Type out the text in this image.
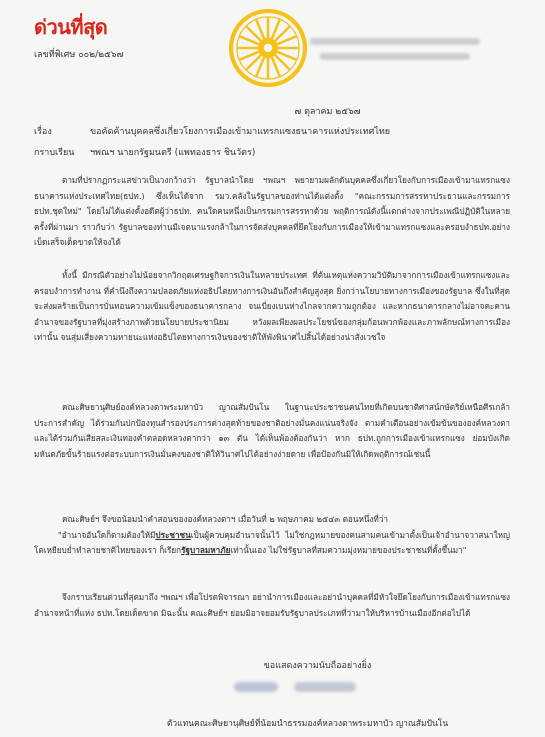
ด่วนที่สุด
เลขที่พิเศษ ๐๐๒/๒๕๖๗
๗ ตุลาคม ๒๕๖๗
เรื่อง	ขอคัดค้านบุคคลซึ่งเกี่ยวโยงการเมืองเข้ามาแทรกแซงธนาคารแห่งประเทศไทย
กราบเรียน ฯพณฯ นายกรัฐมนตรี (แพทองธาร ชินวัตร)
ตามที่ปรากฏกระแสข่าวเป็นวงกว้างว่า รัฐบาลนำโดย ฯพณฯ พยายามผลักดันบุคคลซึ่งเกี่ยวโยงกับการเมืองเข้ามาแทรกแซงธนาคารแห่งประเทศไทย(ธปท.) ซึ่งเห็นได้จาก รมว.คลังในรัฐบาลของท่านได้แต่งตั้ง "คณะกรรมการสรรหาประธานและกรรมการธปท.ชุดใหม่" โดยไม่ได้แต่งตั้งอดีตผู้ว่าธปท. คนใดคนหนึ่งเป็นกรรมการสรรหาด้วย พฤติการณ์ดังนี้แตกต่างจากประเพณีปฏิบัติในหลายครั้งที่ผ่านมา ราวกับว่า รัฐบาลของท่านมีเจตนาแรงกล้าในการจัดส่งบุคคลที่ยึดโยงกับการเมืองให้เข้ามาแทรกแซงและครอบงำธปท.อย่างเบ็ดเสร็จเด็ดขาดให้จงได้
ทั้งนี้ มีกรณีตัวอย่างไม่น้อยจากวิกฤตเศรษฐกิจการเงินในหลายประเทศ ที่ต้นเหตุแห่งความวิบัติมาจากการเมืองเข้าแทรกแซงและครอบงำการทำงาน ที่คำนึงถึงความปลอดภัยแห่งอธิปไตยทางการเงินอันถึงสำคัญสูงสุด ยิ่งกว่านโยบายทางการเมืองของรัฐบาล ซึ่งในที่สุดจะส่งผลร้ายเป็นการบั่นทอนความเข้มแข็งของธนาคารกลาง จนเบี่ยงเบนห่างไกลจากความถูกต้อง และหากธนาคารกลางไม่อาจคะคานอำนาจของรัฐบาลที่มุ่งสร้างภาพด้วยนโยบายประชานิยม หวังผลเพียงผลประโยชน์ของกลุ่มก้อนพวกพ้องและภาพลักษณ์ทางการเมืองเท่านั้น จนสุ่มเสี่ยงความหายนะแห่งอธิปไตยทางการเงินของชาติให้พังพินาศไปสิ้นได้อย่างน่าสังเวชใจ
คณะศิษยานุศิษย์องค์หลวงตาพระมหาบัว ญาณสัมปันโน ในฐานะประชาชนคนไทยที่เกิดบนชาติศาสน์กษัตริย์เหนือศีรเกล้า ประการสำคัญ ได้ร่วมกันปกป้องทุนสำรองประการต่างสุดท้ายของชาติอย่างมั่นคงแน่นจริงจัง ตามคำเตือนอย่างเข้มข้นขององค์หลวงตา และได้ร่วมกันเสียสละเงินทองคำตลอดหลวงตากว่า ๑๓ ตัน ได้เห็นพ้องต้องกันว่า หาก ธปท.ถูกการเมืองเข้าแทรกแซง ย่อมบังเกิดมหันตภัยขั้นร้ายแรงต่อระบบการเงินมั่นคงของชาติให้วินาศไปได้อย่างง่ายดาย เพื่อป้องกันมิให้เกิดพฤติการณ์เช่นนี้
คณะศิษย์ฯ จึงขอน้อมนำคำสอนขององค์หลวงตาฯ เมื่อวันที่ ๒ พฤษภาคม ๒๕๔๓ ตอนหนึ่งที่ว่า
"อำนาจอันใดก็ตามต้องให้มีประชาชนเป็นผู้ควบคุมอำนาจนั้นไว้ ไม่ใช่กฎหมายของคนสามคนเข้ามาตั้งเป็นเจ้าอำนาจวาสนาใหญ่โตเหยียบย่ำทำลายชาติไทยของเรา ก็เรียกรัฐบาลมหาภัยเท่านั้นเอง ไม่ใช่รัฐบาลที่สมความมุ่งหมายของประชาชนที่ตั้งขึ้นมา"
จึงกราบเรียนด่วนที่สุดมาถึง ฯพณฯ เพื่อโปรดพิจารณา อย่านำการเมืองและอย่านำบุคคลที่มีหัวใจยึดโยงกับการเมืองเข้าแทรกแซงอำนาจหน้าที่แห่ง ธปท.โดยเด็ดขาด มิฉะนั้น คณะศิษย์ฯ ย่อมมิอาจยอมรับรัฐบาลประเภทที่ว่ามาให้บริหารบ้านเมืองอีกต่อไปได้
ขอแสดงความนับถืออย่างยิ่ง
ตัวแทนคณะศิษยานุศิษย์ที่น้อมนำธรรมองค์หลวงตาพระมหาบัว ญาณสัมปันโน
